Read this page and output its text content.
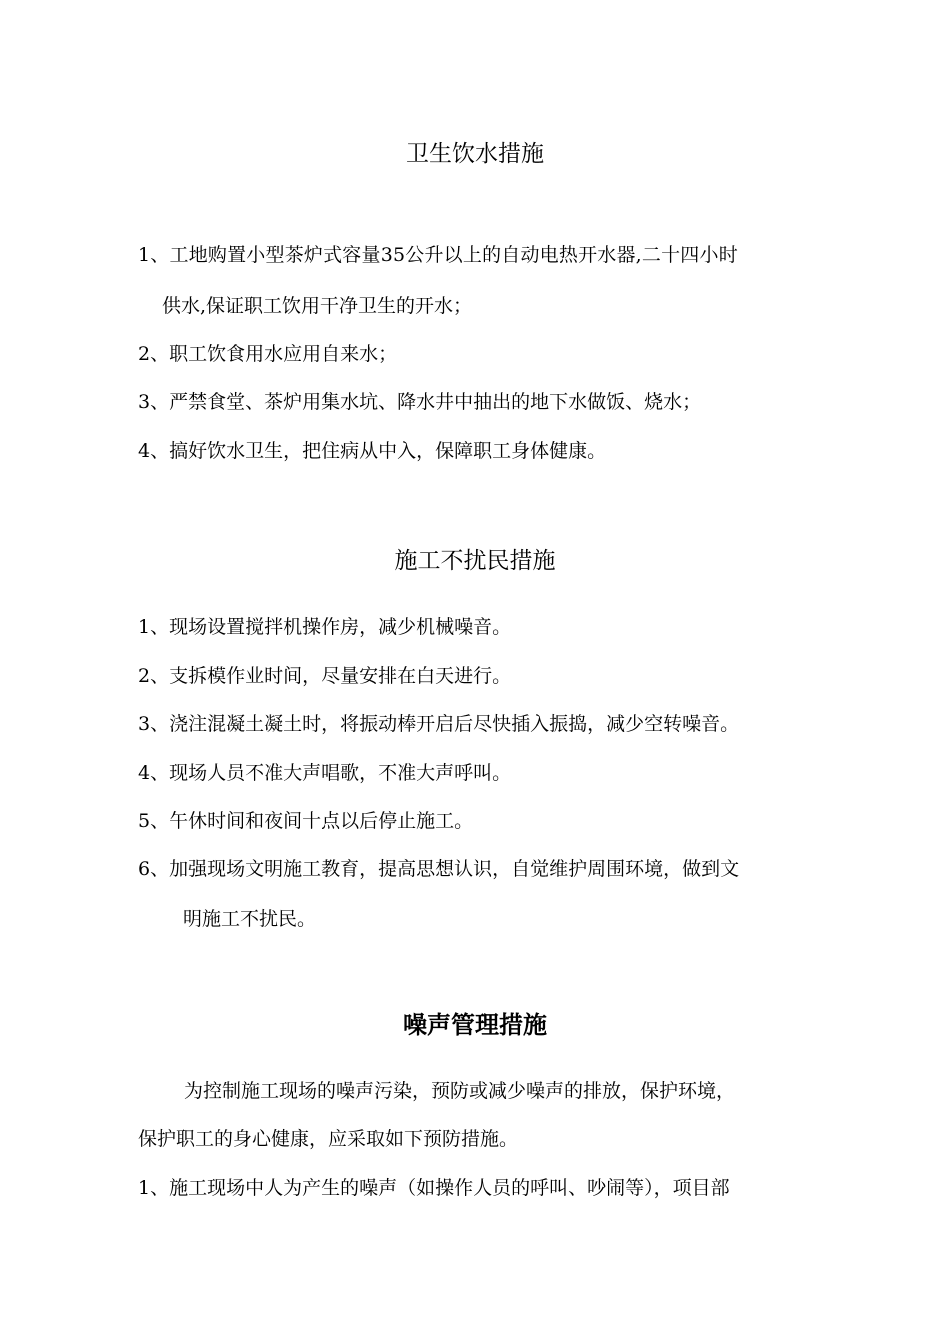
卫生饮水措施
1、工地购置小型茶炉式容量35公升以上的自动电热开水器,二十四小时
供水,保证职工饮用干净卫生的开水；
2、职工饮食用水应用自来水；
3、严禁食堂、茶炉用集水坑、降水井中抽出的地下水做饭、烧水；
4、搞好饮水卫生，把住病从中入，保障职工身体健康。
施工不扰民措施
1、现场设置搅拌机操作房，减少机械噪音。
2、支拆模作业时间，尽量安排在白天进行。
3、浇注混凝土凝土时，将振动棒开启后尽快插入振捣，减少空转噪音。
4、现场人员不准大声唱歌，不准大声呼叫。
5、午休时间和夜间十点以后停止施工。
6、加强现场文明施工教育，提高思想认识，自觉维护周围环境，做到文
明施工不扰民。
噪声管理措施
为控制施工现场的噪声污染，预防或减少噪声的排放，保护环境，
保护职工的身心健康，应采取如下预防措施。
1、施工现场中人为产生的噪声（如操作人员的呼叫、吵闹等），项目部
